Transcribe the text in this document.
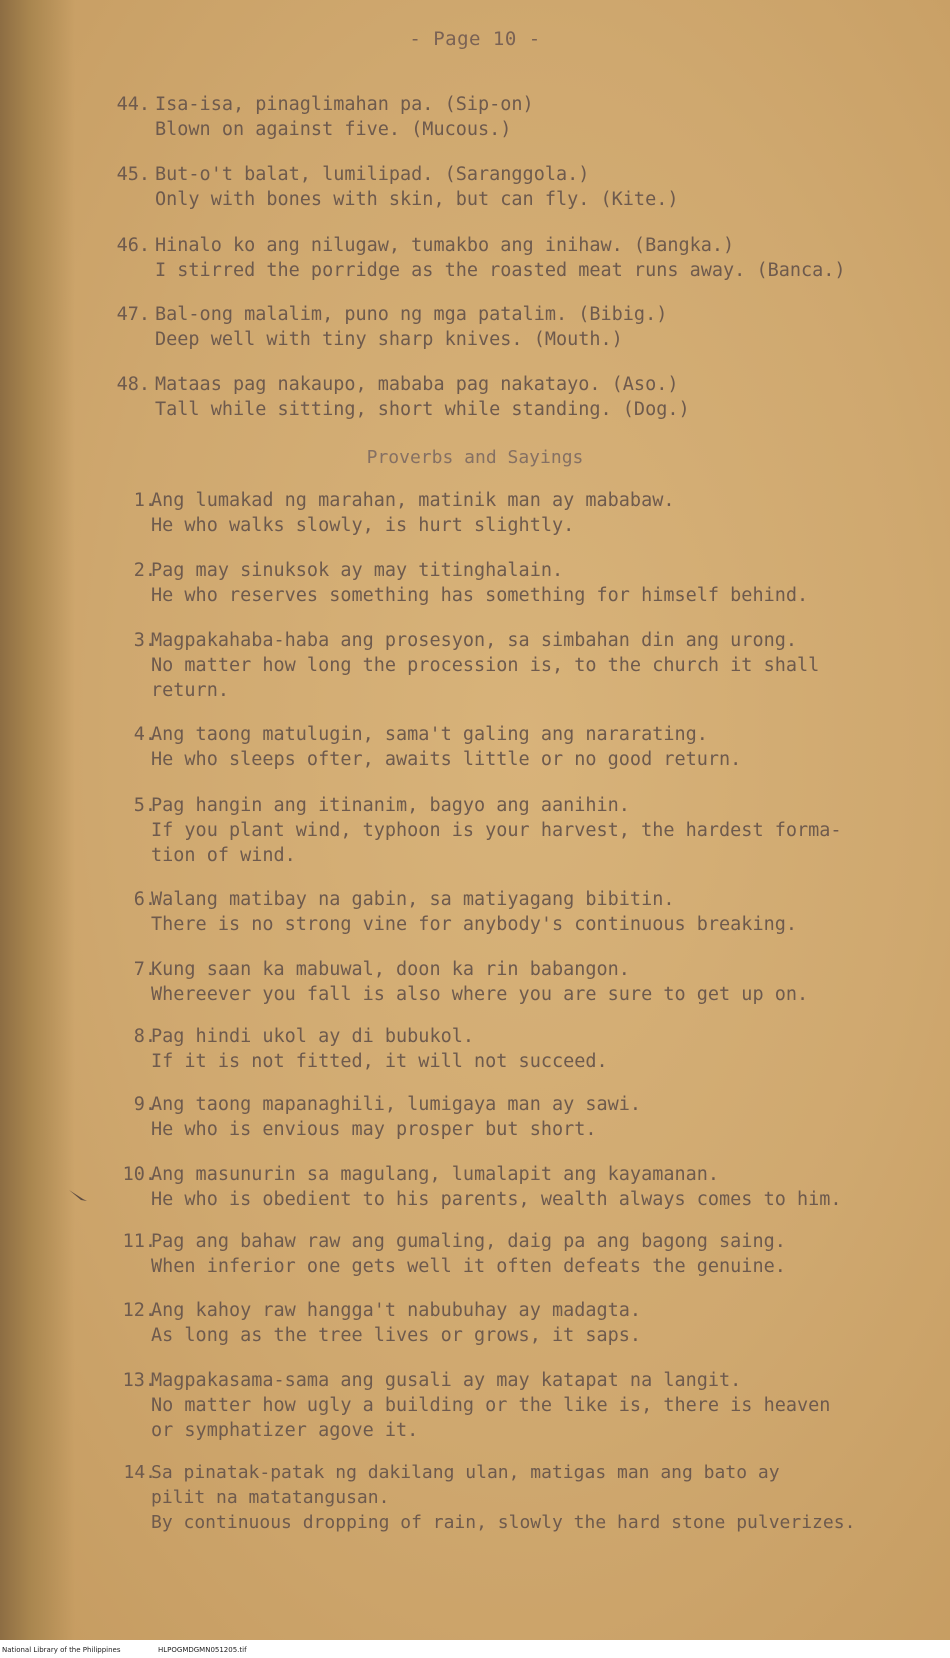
- Page 10 -
44. Isa-isa, pinaglimahan pa. (Sip-on)
Blown on against five. (Mucous.)
45. But-o't balat, lumilipad. (Saranggola.)
Only with bones with skin, but can fly. (Kite.)
46. Hinalo ko ang nilugaw, tumakbo ang inihaw. (Bangka.)
I stirred the porridge as the roasted meat runs away. (Banca.)
47. Bal-ong malalim, puno ng mga patalim. (Bibig.)
Deep well with tiny sharp knives. (Mouth.)
48. Mataas pag nakaupo, mababa pag nakatayo. (Aso.)
Tall while sitting, short while standing. (Dog.)
Proverbs and Sayings
1.
Ang lumakad ng marahan, matinik man ay mababaw.
He who walks slowly, is hurt slightly.
2.
Pag may sinuksok ay may titinghalain.
He who reserves something has something for himself behind.
3.
Magpakahaba-haba ang prosesyon, sa simbahan din ang urong.
No matter how long the procession is, to the church it shall
return.
4.
Ang taong matulugin, sama't galing ang nararating.
He who sleeps ofter, awaits little or no good return.
5.
Pag hangin ang itinanim, bagyo ang aanihin.
If you plant wind, typhoon is your harvest, the hardest forma-
tion of wind.
6.
Walang matibay na gabin, sa matiyagang bibitin.
There is no strong vine for anybody's continuous breaking.
7.
Kung saan ka mabuwal, doon ka rin babangon.
Whereever you fall is also where you are sure to get up on.
8.
Pag hindi ukol ay di bubukol.
If it is not fitted, it will not succeed.
9.
Ang taong mapanaghili, lumigaya man ay sawi.
He who is envious may prosper but short.
10.
Ang masunurin sa magulang, lumalapit ang kayamanan.
He who is obedient to his parents, wealth always comes to him.
11.
Pag ang bahaw raw ang gumaling, daig pa ang bagong saing.
When inferior one gets well it often defeats the genuine.
12.
Ang kahoy raw hangga't nabubuhay ay madagta.
As long as the tree lives or grows, it saps.
13.
Magpakasama-sama ang gusali ay may katapat na langit.
No matter how ugly a building or the like is, there is heaven
or symphatizer agove it.
14.
Sa pinatak-patak ng dakilang ulan, matigas man ang bato ay
pilit na matatangusan.
By continuous dropping of rain, slowly the hard stone pulverizes.
National Library of the Philippines	HLPOGMDGMN051205.tif
